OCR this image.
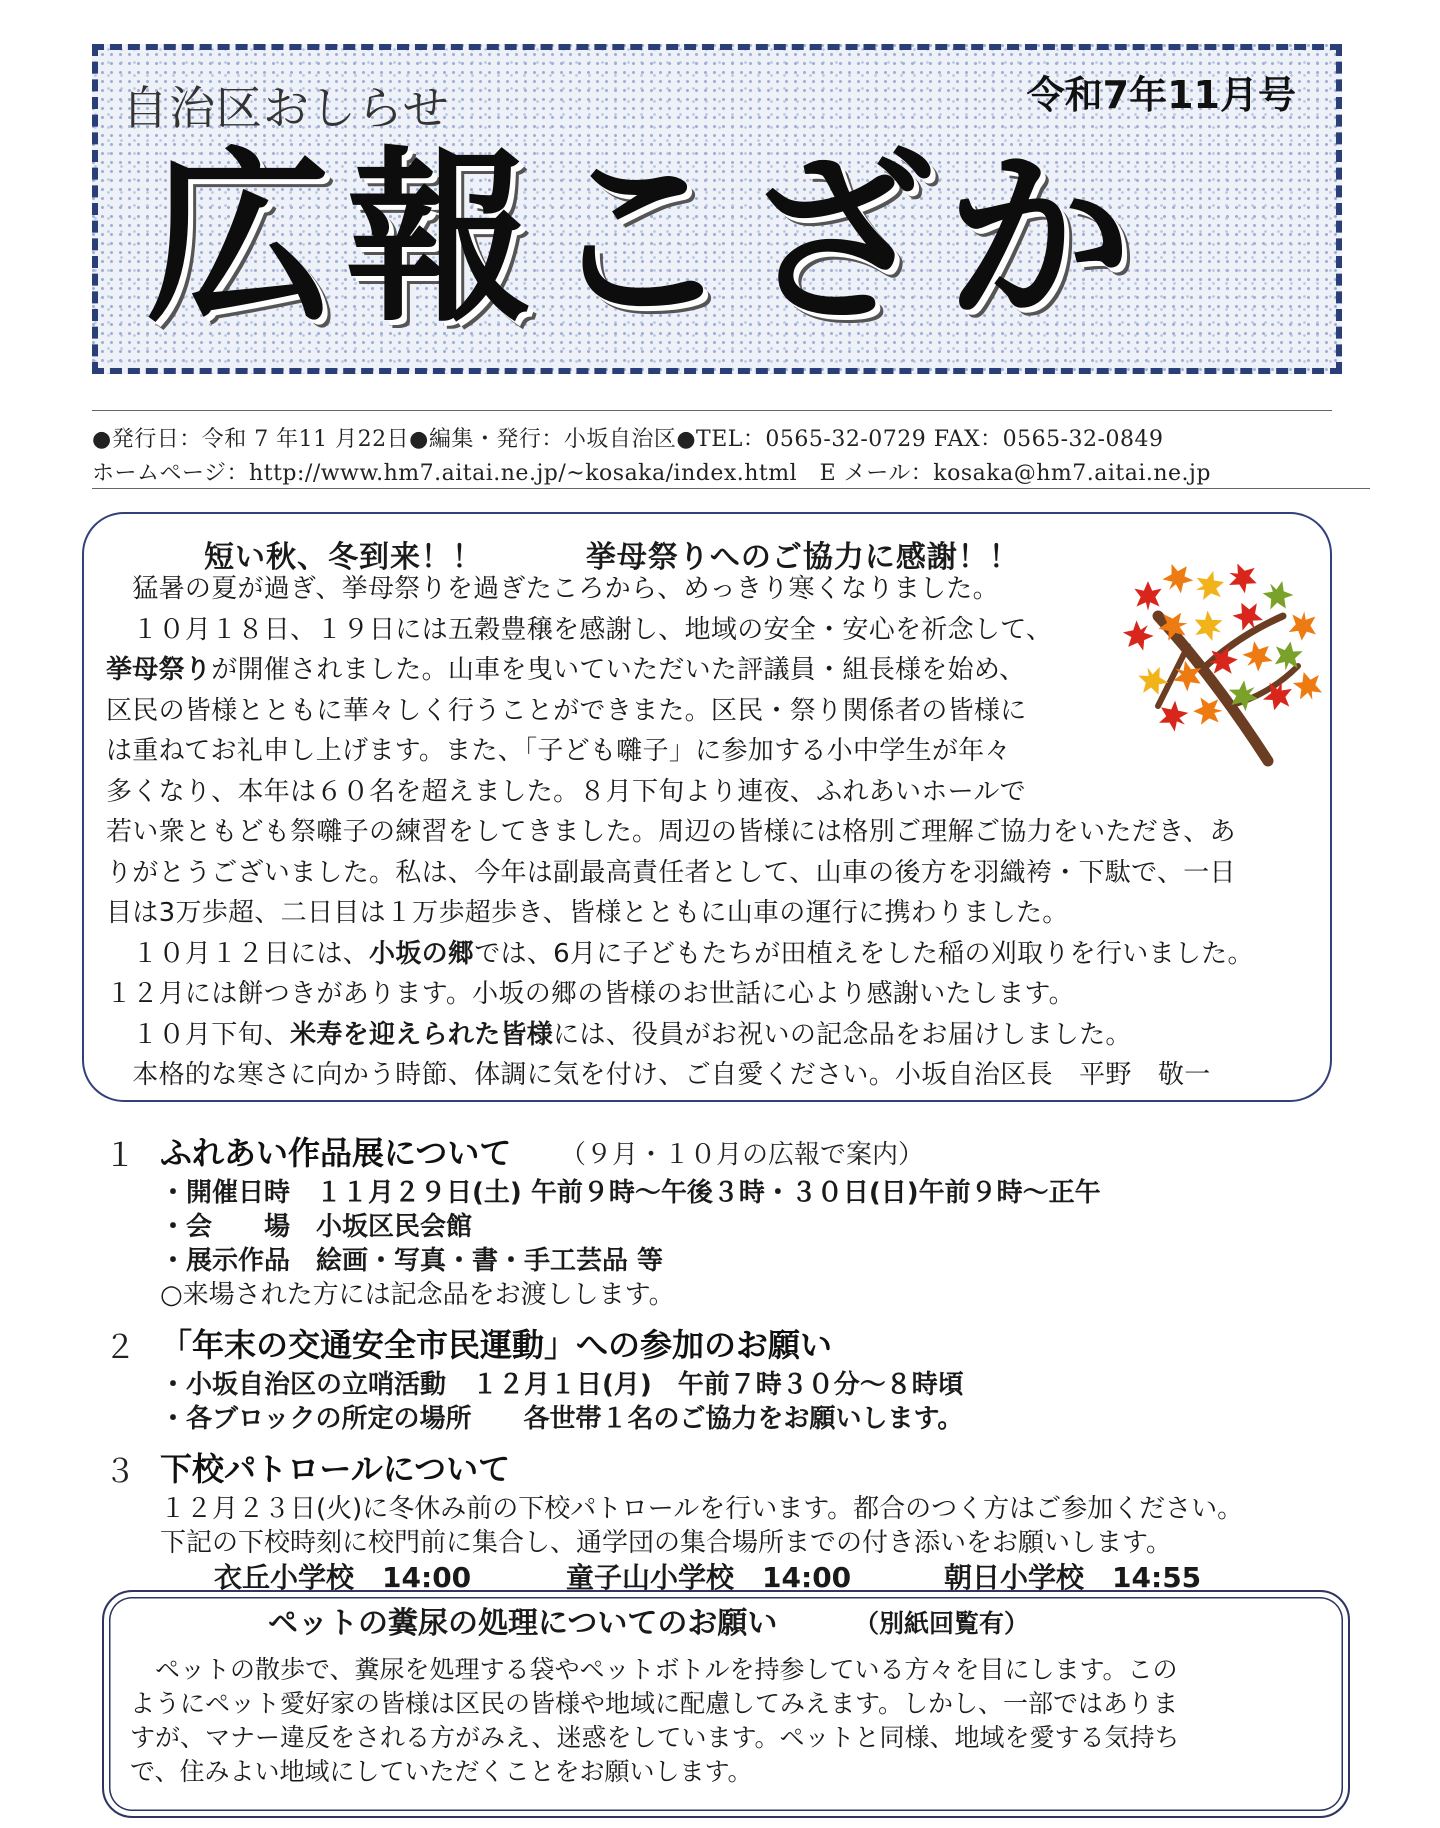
自治区おしらせ	令和7年11月号
広報こざか
●発行日：令和 7 年11 月22日●編集・発行：小坂自治区●TEL：0565-32-0729 FAX：0565-32-0849
ホームページ：http://www.hm7.aitai.ne.jp/~kosaka/index.html　E メール：kosaka@hm7.aitai.ne.jp
短い秋、冬到来！！	挙母祭りへのご協力に感謝！！
　猛暑の夏が過ぎ、挙母祭りを過ぎたころから、めっきり寒くなりました。
　１０月１８日、１９日には五穀豊穣を感謝し、地域の安全・安心を祈念して、
挙母祭りが開催されました。山車を曳いていただいた評議員・組長様を始め、
区民の皆様とともに華々しく行うことができまた。区民・祭り関係者の皆様に
は重ねてお礼申し上げます。また、「子ども囃子」に参加する小中学生が年々
多くなり、本年は６０名を超えました。８月下旬より連夜、ふれあいホールで
若い衆ともども祭囃子の練習をしてきました。周辺の皆様には格別ご理解ご協力をいただき、あ
りがとうございました。私は、今年は副最高責任者として、山車の後方を羽織袴・下駄で、一日
目は3万歩超、二日目は１万歩超歩き、皆様とともに山車の運行に携わりました。
　１０月１２日には、小坂の郷では、6月に子どもたちが田植えをした稲の刈取りを行いました。
１２月には餅つきがあります。小坂の郷の皆様のお世話に心より感謝いたします。
　１０月下旬、米寿を迎えられた皆様には、役員がお祝いの記念品をお届けしました。
　本格的な寒さに向かう時節、体調に気を付け、ご自愛ください。小坂自治区長　平野　敬一
１ ふれあい作品展について （９月・１０月の広報で案内）
・開催日時　１１月２９日(土) 午前９時～午後３時・３０日(日)午前９時～正午
・会　　場　小坂区民会館
・展示作品　絵画・写真・書・手工芸品 等
○来場された方には記念品をお渡しします。
２ 「年末の交通安全市民運動」への参加のお願い
・小坂自治区の立哨活動　１２月１日(月)　午前７時３０分～８時頃
・各ブロックの所定の場所　　各世帯１名のご協力をお願いします。
３ 下校パトロールについて
１２月２３日(火)に冬休み前の下校パトロールを行います。都合のつく方はご参加ください。
下記の下校時刻に校門前に集合し、通学団の集合場所までの付き添いをお願いします。
衣丘小学校　 14:00	童子山小学校　 14:00	朝日小学校　 14:55
ペットの糞尿の処理についてのお願い	（別紙回覧有）
　ペットの散歩で、糞尿を処理する袋やペットボトルを持参している方々を目にします。この
ようにペット愛好家の皆様は区民の皆様や地域に配慮してみえます。しかし、一部ではありま
すが、マナー違反をされる方がみえ、迷惑をしています。ペットと同様、地域を愛する気持ち
で、住みよい地域にしていただくことをお願いします。
